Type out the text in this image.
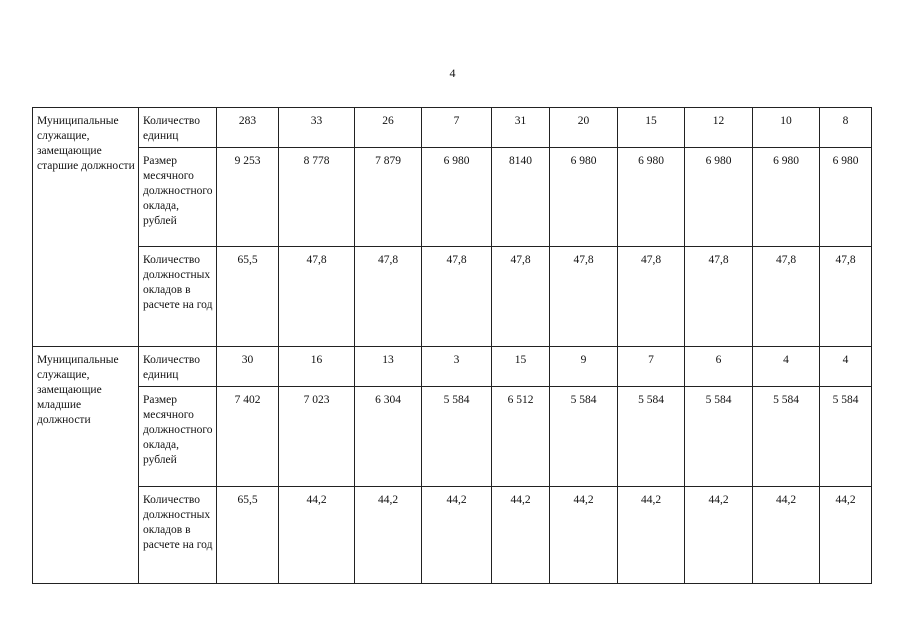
4
Муниципальные служащие, замещающие старшие должности	Количество единиц	283	33	26	7	31	20	15	12	10	8
	Размер месячного должностного оклада, рублей	9 253	8 778	7 879	6 980	8140	6 980	6 980	6 980	6 980	6 980
	Количество должностных окладов в расчете на год	65,5	47,8	47,8	47,8	47,8	47,8	47,8	47,8	47,8	47,8
Муниципальные служащие, замещающие младшие должности	Количество единиц	30	16	13	3	15	9	7	6	4	4
	Размер месячного должностного оклада, рублей	7 402	7 023	6 304	5 584	6 512	5 584	5 584	5 584	5 584	5 584
	Количество должностных окладов в расчете на год	65,5	44,2	44,2	44,2	44,2	44,2	44,2	44,2	44,2	44,2
